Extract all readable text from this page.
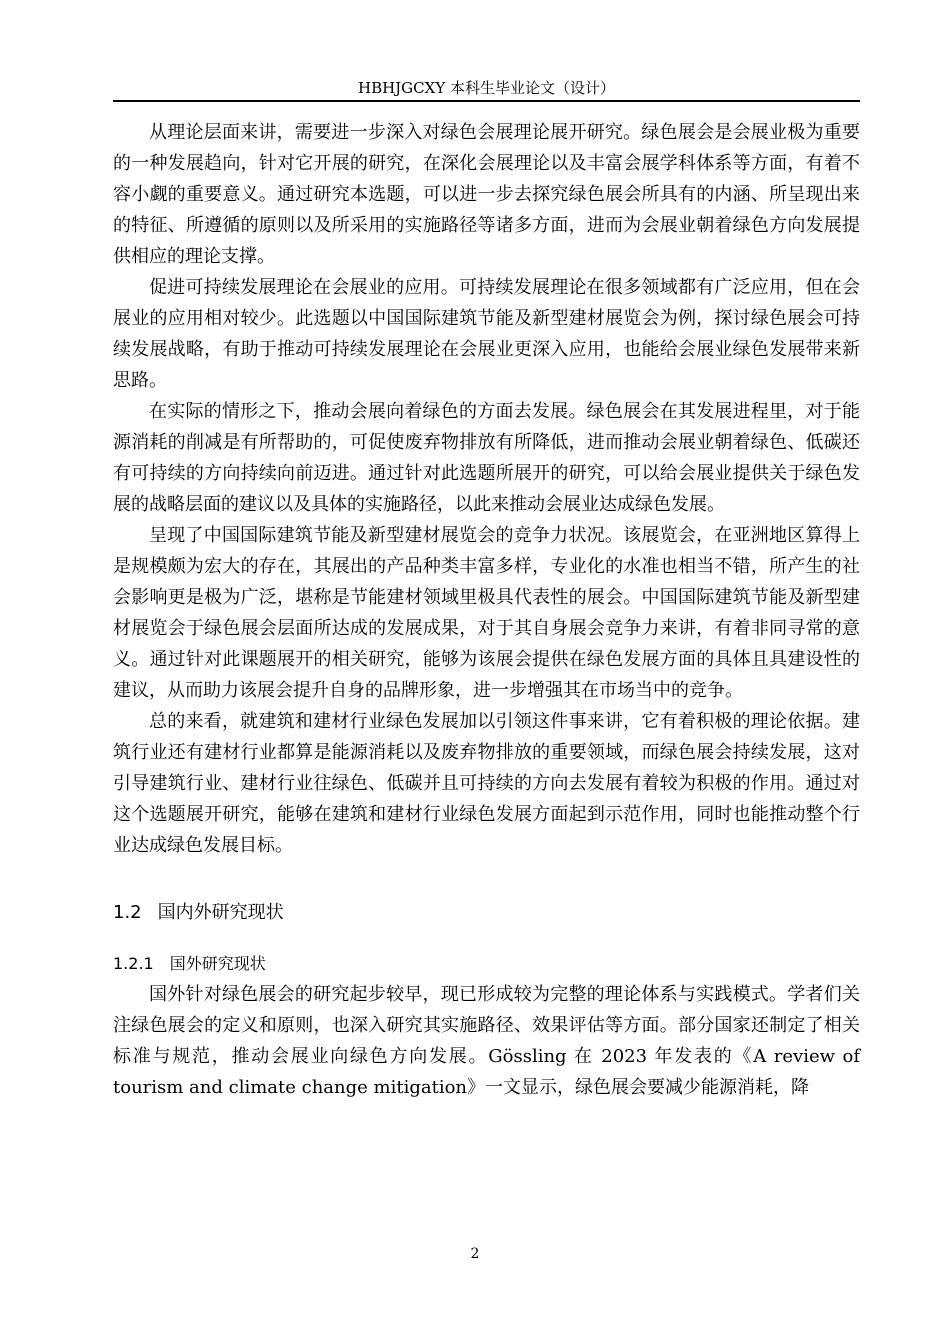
HBHJGCXY 本科生毕业论文（设计）

从理论层面来讲，需要进一步深入对绿色会展理论展开研究。绿色展会是会展业极为重要的一种发展趋向，针对它开展的研究，在深化会展理论以及丰富会展学科体系等方面，有着不容小觑的重要意义。通过研究本选题，可以进一步去探究绿色展会所具有的内涵、所呈现出来的特征、所遵循的原则以及所采用的实施路径等诸多方面，进而为会展业朝着绿色方向发展提供相应的理论支撑。

促进可持续发展理论在会展业的应用。可持续发展理论在很多领域都有广泛应用，但在会展业的应用相对较少。此选题以中国国际建筑节能及新型建材展览会为例，探讨绿色展会可持续发展战略，有助于推动可持续发展理论在会展业更深入应用，也能给会展业绿色发展带来新思路。

在实际的情形之下，推动会展向着绿色的方面去发展。绿色展会在其发展进程里，对于能源消耗的削减是有所帮助的，可促使废弃物排放有所降低，进而推动会展业朝着绿色、低碳还有可持续的方向持续向前迈进。通过针对此选题所展开的研究，可以给会展业提供关于绿色发展的战略层面的建议以及具体的实施路径，以此来推动会展业达成绿色发展。

呈现了中国国际建筑节能及新型建材展览会的竞争力状况。该展览会，在亚洲地区算得上是规模颇为宏大的存在，其展出的产品种类丰富多样，专业化的水准也相当不错，所产生的社会影响更是极为广泛，堪称是节能建材领域里极具代表性的展会。中国国际建筑节能及新型建材展览会于绿色展会层面所达成的发展成果，对于其自身展会竞争力来讲，有着非同寻常的意义。通过针对此课题展开的相关研究，能够为该展会提供在绿色发展方面的具体且具建设性的建议，从而助力该展会提升自身的品牌形象，进一步增强其在市场当中的竞争。

总的来看，就建筑和建材行业绿色发展加以引领这件事来讲，它有着积极的理论依据。建筑行业还有建材行业都算是能源消耗以及废弃物排放的重要领域，而绿色展会持续发展，这对引导建筑行业、建材行业往绿色、低碳并且可持续的方向去发展有着较为积极的作用。通过对这个选题展开研究，能够在建筑和建材行业绿色发展方面起到示范作用，同时也能推动整个行业达成绿色发展目标。

1.2 国内外研究现状
1.2.1 国外研究现状

国外针对绿色展会的研究起步较早，现已形成较为完整的理论体系与实践模式。学者们关注绿色展会的定义和原则，也深入研究其实施路径、效果评估等方面。部分国家还制定了相关标准与规范，推动会展业向绿色方向发展。Gössling 在 2023 年发表的《A review of tourism and climate change mitigation》一文显示，绿色展会要减少能源消耗，降

2
